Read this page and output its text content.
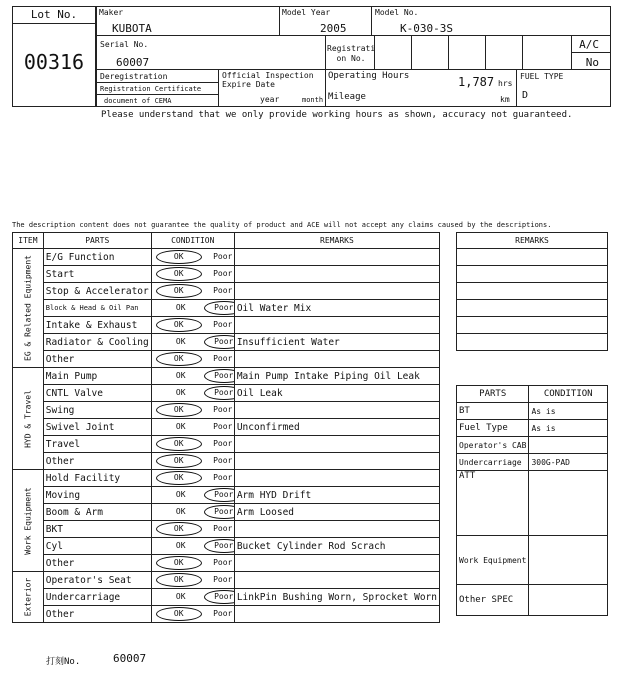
Lot No.
00316
Maker
KUBOTA
Model Year
2005
Model No.
K-030-3S
Serial No.
60007
Registrati on No.
A/C
No
Deregistration
Registration Certificate
document of CEMA
Official Inspection Expire Date
year	month
Operating Hours	1,787 hrs
Mileage	km
FUEL TYPE
D
Please understand that we only provide working hours as shown, accuracy not guaranteed.
The description content does not guarantee the quality of product and ACE will not accept any claims caused by the descriptions.
ITEM	PARTS	CONDITION	REMARKS

EG & Related Equipment	E/G Function	OK Poor	

	Start	OK Poor	

	Stop & Accelerator	OK Poor	

	Block & Head & Oil Pan	OK Poor	Oil Water Mix
	Intake & Exhaust	OK Poor	

	Radiator & Cooling	OK Poor	Insufficient Water
	Other	OK Poor	

HYD & Travel	Main Pump	OK Poor	Main Pump Intake Piping Oil Leak
	CNTL Valve	OK Poor	Oil Leak
	Swing	OK Poor	

	Swivel Joint	OK Poor	Unconfirmed
	Travel	OK Poor	

	Other	OK Poor	

Work Equipment	Hold Facility	OK Poor	

	Moving	OK Poor	Arm HYD Drift
	Boom & Arm	OK Poor	Arm Loosed
	BKT	OK Poor	

	Cyl	OK Poor	Bucket Cylinder Rod Scrach
	Other	OK Poor	

Exterior	Operator's Seat	OK Poor	

	Undercarriage	OK Poor	LinkPin Bushing Worn, Sprocket Worn
	Other	OK Poor	

REMARKS

PARTS	CONDITION
BT	As is
Fuel Type	As is
Operator's CAB	
Undercarriage	300G-PAD
ATT	
Work Equipment	
Other SPEC	
打刻No.	60007
